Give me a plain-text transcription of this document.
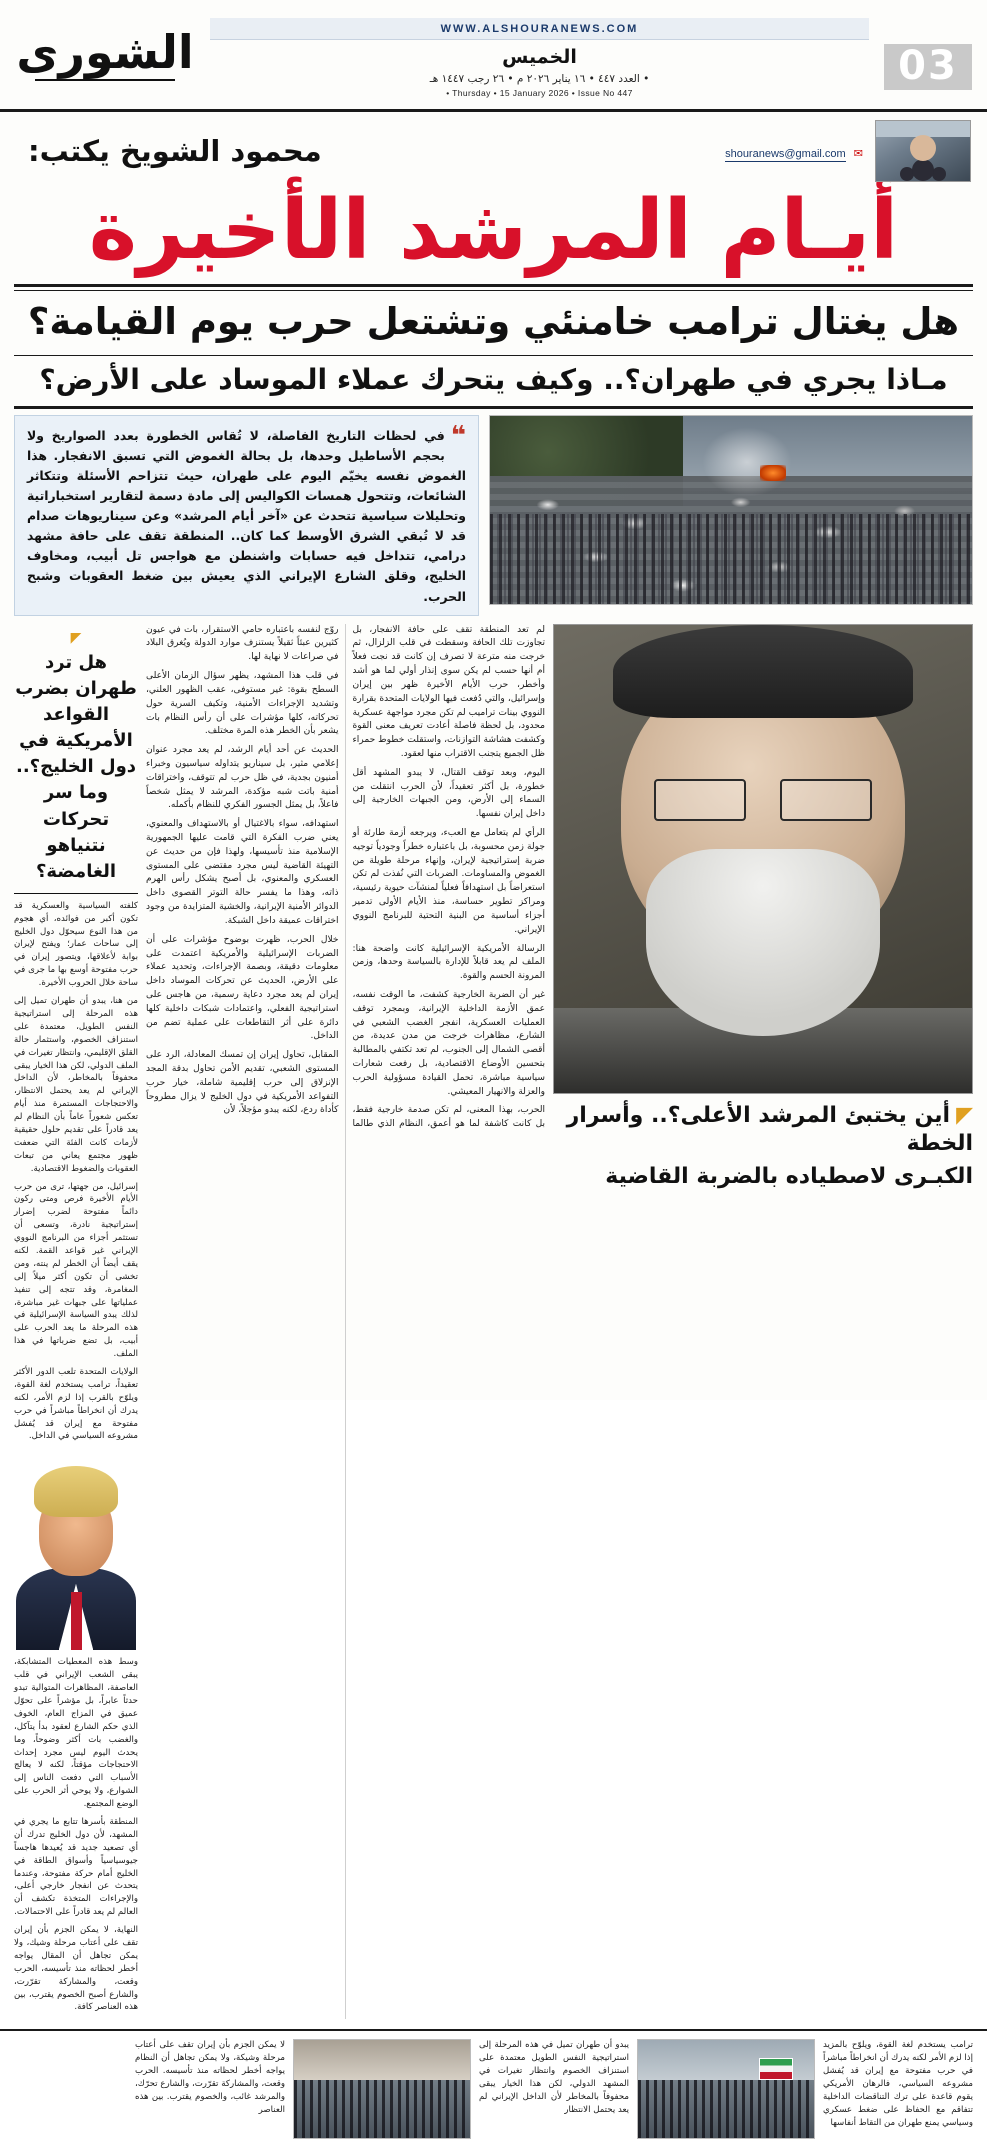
03
WWW.ALSHOURANEWS.COM
الخميس
• العدد ٤٤٧ • ١٦ يناير ٢٠٢٦ م • ٢٦ رجب ١٤٤٧ هـ
• Thursday • 15 January 2026 • Issue No 447
الشورى
✉ shouranews@gmail.com
محمود الشويخ يكتب:
أيـام المرشد الأخيرة
هل يغتال ترامب خامنئي وتشتعل حرب يوم القيامة؟
مـاذا يجري في طهران؟.. وكيف يتحرك عملاء الموساد على الأرض؟
❝

في لحظات التاريخ الفاصلة، لا تُقاس الخطورة بعدد الصواريخ ولا بحجم الأساطيل وحدها، بل بحالة الغموض التي تسبق الانفجار. هذا الغموض نفسه يخيّم اليوم على طهران، حيث تتزاحم الأسئلة وتتكاثر الشائعات، وتتحول همسات الكواليس إلى مادة دسمة لتقارير استخباراتية وتحليلات سياسية تتحدث عن «آخر أيام المرشد» وعن سيناريوهات صدام قد لا تُبقي الشرق الأوسط كما كان.. المنطقة تقف على حافة مشهد درامي، تتداخل فيه حسابات واشنطن مع هواجس تل أبيب، ومخاوف الخليج، وقلق الشارع الإيراني الذي يعيش بين ضغط العقوبات وشبح الحرب.

◤أين يختبئ المرشد الأعلى؟.. وأسرار الخطة
الكبـرى لاصطياده بالضربة القاضية

لم تعد المنطقة تقف على حافة الانفجار، بل تجاوزت تلك الحافة وسقطت في قلب الزلزال، ثم خرجت منه مترعة لا تصرف إن كانت قد نجت فعلاً أم أنها حسب لم يكن سوى إنذار أولي لما هو أشد وأخطر، حرب الأيام الأخيرة ظهر بين إيران وإسرائيل، والتي دُفعت فيها الولايات المتحدة بقرارة النووي بينات تراميب لم تكن مجرد مواجهة عسكرية محدود، بل لحظة فاصلة أعادت تعريف معنى القوة وكشفت هشاشة التوازنات، واستقلت خطوط حمراء ظل الجميع يتجنب الاقتراب منها لعقود.

اليوم، وبعد توقف القتال، لا يبدو المشهد أقل خطورة، بل أكثر تعقيداً، لأن الحرب انتقلت من السماء إلى الأرض، ومن الجبهات الخارجية إلى داخل إيران نفسها.

الرأي لم يتعامل مع العبء، ويرجعه أزمة طارئة أو جولة زمن محسوبة، بل باعتباره خطراً وجودياً توجيه ضربة إستراتيجية لإيران، وإنهاء مرحلة طويلة من الغموض والمساومات. الضربات التي نُفذت لم تكن استعراضاً بل استهدافاً فعلياً لمنشآت حيوية رئيسية، ومراكز تطوير حساسة، منذ الأيام الأولى تدمير أجزاء أساسية من البنية التحتية للبرنامج النووي الإيراني.

الرسالة الأمريكية الإسرائيلية كانت واضحة هنا: الملف لم يعد قابلاً للإدارة بالسياسة وحدها، وزمن المرونة الحسم والقوة.

غير أن الضربة الخارجية كشفت، ما الوقت نفسه، عمق الأزمة الداخلية الإيرانية، وبمجرد توقف العمليات العسكرية، انفجر الغضب الشعبي في الشارع، مظاهرات خرجت من مدن عديدة، من أقصى الشمال إلى الجنوب، لم تعد تكتفي بالمطالبة بتحسين الأوضاع الاقتصادية، بل رفعت شعارات سياسية مباشرة، تحمل القيادة مسؤولية الحرب والعزلة والانهيار المعيشي.

الحرب، بهذا المعنى، لم تكن صدمة خارجية فقط، بل كانت كاشفة لما هو أعمق، النظام الذي طالما روّج لنفسه باعتباره حامي الاستقرار، بات في عيون كثيرين عبئاً ثقيلاً يستنزف موارد الدولة ويُغرق البلاد في صراعات لا نهاية لها.

في قلب هذا المشهد، يظهر سؤال الزمان الأعلى السطح بقوة: غير مستوفى، عقب الظهور العلني، وتشديد الإجراءات الأمنية، وتكيف السرية حول تحركاته، كلها مؤشرات على أن رأس النظام بات يشعر بأن الخطر هذه المرة مختلف.

الحديث عن أحد أيام الرشد، لم يعد مجرد عنوان إعلامي مثير، بل سيناريو يتداوله سياسيون وخبراء أمنيون بجدية، في ظل حرب لم تتوقف، واختراقات أمنية باتت شبه مؤكدة، المرشد لا يمثل شخصاً فاعلاً، بل يمثل الجسور الفكري للنظام بأكمله.

استهدافه، سواء بالاغتيال أو بالاستهداف والمعنوي، يعني ضرب الفكرة التي قامت عليها الجمهورية الإسلامية منذ تأسيسها، ولهذا فإن من حديث عن التهيئة القاضية ليس مجرد مقتضى على المستوى العسكري والمعنوي، بل أصبح يشكل رأس الهرم ذاته، وهذا ما يفسر حالة التوتر القصوى داخل الدوائر الأمنية الإيرانية، والخشية المتزايدة من وجود اختراقات عميقة داخل الشبكة.

خلال الحرب، ظهرت بوضوح مؤشرات على أن الضربات الإسرائيلية والأمريكية اعتمدت على معلومات دقيقة، وبصمة الإجراءات، وتحديد عملاء على الأرض، الحديث عن تحركات الموساد داخل إيران لم يعد مجرد دعاية رسمية، من هاجس على استراتيجية الفعلي، واعتمادات شبكات داخلية كلها دائرة على أثر التقاطعات على عملية تضم من الداخل.

المقابل، تحاول إيران إن تمسك المعادلة، الرد على المستوى الشعبي، تقديم الأمن تحاول بدقة المجد الإنزلاق إلى حرب إقليمية شاملة، خيار حرب التفواعد الأمريكية في دول الخليج لا يزال مطروحاً كأداة ردع، لكنه يبدو مؤجلاً، لأن

◤
هل ترد طهران بضرب القواعد الأمريكية في دول الخليج؟.. وما سر تحركات نتنياهو الغامضة؟

كلفته السياسية والعسكرية قد تكون أكبر من فوائده، أي هجوم من هذا النوع سيحوّل دول الخليج إلى ساحات عمار؛ ويفتح لإيران بوابة لأعلاقها، ويتصور إيران في حرب مفتوحة أوسع بها ما جرى في ساحة خلال الحروب الأخيرة.

من هنا، يبدو أن طهران تميل إلى هذه المرحلة إلى استراتيجية النفس الطويل، معتمدة على استنزاف الخصوم، واستثمار حالة القلق الإقليمي، وانتظار تغيرات في الملف الدولي، لكن هذا الخيار يبقى محفوفاً بالمخاطر، لأن الداخل الإيراني لم يعد يحتمل الانتظار، والاحتجاجات المستمرة منذ أيام تعكس شعوراً عاماً بأن النظام لم يعد قادراً على تقديم حلول حقيقية لأزمات كانت الفئة التي ضعفت ظهور مجتمع يعاني من تبعات العقوبات والضغوط الاقتصادية.

إسرائيل، من جهتها، ترى من حرب الأيام الأخيرة فرص ومتى ركون دائماً مفتوحة لضرب إضرار إستراتيجية نادرة، وتسعى أن تستثمر أجزاء من البرنامج النووي الإيراني غير قواعد القمة. لكنه يقف أيضاً أن الخطر لم ينته، ومن تخشى أن تكون أكثر ميلاً إلى المغامرة، وقد تتجه إلى تنفيذ عملياتها على جبهات غير مباشرة، لذلك يبدو السياسة الإسرائيلية في هذه المرحلة ما يعد الحرب على أبيب، بل تضع ضرباتها في هذا الملف.

الولايات المتحدة تلعب الدور الأكثر تعقيداً، ترامب يستخدم لغة القوة، ويلوّح بالقرب إذا لزم الأمر، لكنه يدرك أن انخراطاً مباشراً في حرب مفتوحة مع إيران قد يُفشل مشروعه السياسي في الداخل.

وسط هذه المعطيات المتشابكة، يبقى الشعب الإيراني في قلب العاصفة، المظاهرات المتوالية تبدو حدثاً عابراً، بل مؤشراً على تحوّل عميق في المزاج العام، الخوف الذي حكم الشارع لعقود بدأ يتآكل، والغضب بات أكثر وضوحاً، وما يحدث اليوم ليس مجرد إحداث الاحتجاجات مؤقتاً، لكنه لا يعالج الأسباب التي دفعت الناس إلى الشوارع، ولا يوحي أثر الحرب على الوضع المجتمع.

المنطقة بأسرها تتابع ما يجري في المشهد، لأن دول الخليج تدرك أن أي تصعيد جديد قد يُعيدها هاجساً جيوسياسياً وأسواق الطاقة في الخليج أمام حركة مفتوحة، وعندما يتحدث عن انفجار خارجي أعلى، والإجراءات المتخذة تكشف أن العالم لم يعد قادراً على الاحتمالات.

النهاية، لا يمكن الجزم بأن إيران تقف على أعتاب مرحلة وشيك، ولا يمكن تجاهل أن المقال يواجه أخطر لحظاته منذ تأسيسه، الحرب وقعت، والمشاركة تقرّرت، والشارع أصبح الخصوم يقترب، بين هذه العناصر كافة.

ترامب يستخدم لغة القوة، ويلوّح بالمزيد إذا لزم الأمر لكنه يدرك أن انخراطاً مباشراً في حرب مفتوحة مع إيران قد يُفشل مشروعه السياسي، فالرهان الأمريكي يقوم قاعدة على ترك التناقضات الداخلية تتفاقم مع الحفاظ على ضغط عسكري وسياسي يمنع طهران من التقاط أنفاسها
يبدو أن طهران تميل في هذه المرحلة إلى استراتيجية النفس الطويل معتمدة على استنزاف الخصوم وانتظار تغيرات في المشهد الدولي، لكن هذا الخيار يبقى محفوفاً بالمخاطر لأن الداخل الإيراني لم يعد يحتمل الانتظار
لا يمكن الجزم بأن إيران تقف على أعتاب مرحلة وشيكة، ولا يمكن تجاهل أن النظام يواجه أخطر لحظاته منذ تأسيسه. الحرب وقعت، والمشاركة تقرّرت، والشارع تحرّك، والمرشد غائب، والخصوم يقترب. بين هذه العناصر
